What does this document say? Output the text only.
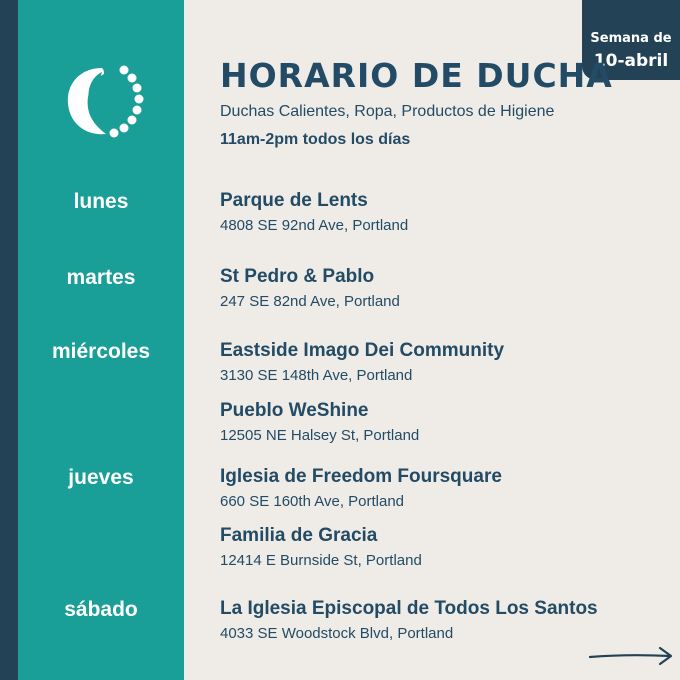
Semana de
10-abril
HORARIO DE DUCHA
Duchas Calientes, Ropa, Productos de Higiene
11am-2pm todos los días
lunes
martes
miércoles
jueves
sábado
Parque de Lents
4808 SE 92nd Ave, Portland
St Pedro & Pablo
247 SE 82nd Ave, Portland
Eastside Imago Dei Community
3130 SE 148th Ave, Portland
Pueblo WeShine
12505 NE Halsey St, Portland
Iglesia de Freedom Foursquare
660 SE 160th Ave, Portland
Familia de Gracia
12414 E Burnside St, Portland
La Iglesia Episcopal de Todos Los Santos
4033 SE Woodstock Blvd, Portland
